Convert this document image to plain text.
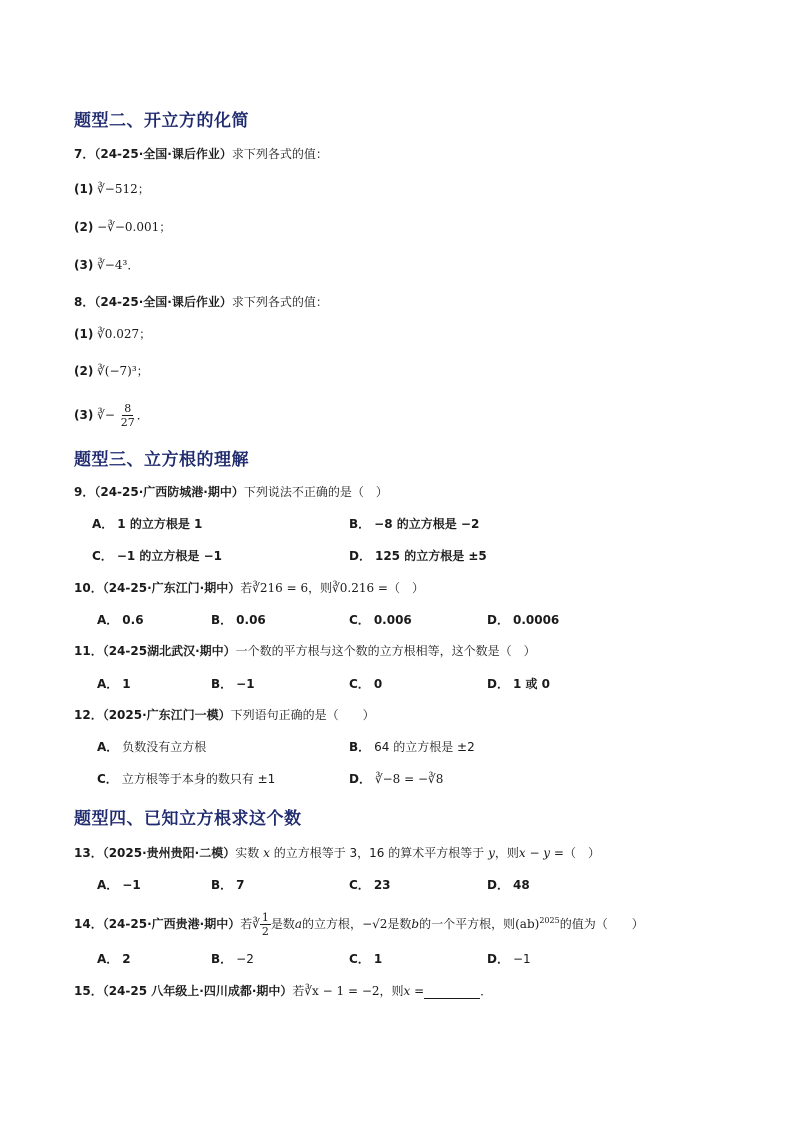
题型二、开立方的化简
7．（24-25·全国·课后作业）求下列各式的值：
(1) ∛−512；
(2) −∛−0.001；
(3) ∛−4³．
8．（24-25·全国·课后作业）求下列各式的值：
(1) ∛0.027；
(2) ∛(−7)³；
(3) ∛− $\frac{8}{27}$ ．
题型三、立方根的理解
9．（24-25·广西防城港·期中）下列说法不正确的是（　）
A． 1 的立方根是 1	B． −8 的立方根是 −2
C． −1 的立方根是 −1	D． 125 的立方根是 ±5
10．（24-25·广东江门·期中）若∛216 = 6，则∛0.216 =（　）
A． 0.6	B． 0.06	C． 0.006	D． 0.0006
11．（24-25湖北武汉·期中）一个数的平方根与这个数的立方根相等，这个数是（　）
A． 1	B． −1	C． 0	D． 1 或 0
12．（2025·广东江门一模）下列语句正确的是（　　）
A． 负数没有立方根	B． 64 的立方根是 ±2
C． 立方根等于本身的数只有 ±1	D． ∛−8 = −∛8
题型四、已知立方根求这个数
13．（2025·贵州贵阳·二模）实数 x 的立方根等于 3，16 的算术平方根等于 y，则x − y =（　）
A． −1	B． 7	C． 23	D． 48
14．（24-25·广西贵港·期中）若∛ $\frac{1}{2}$ 是数a的立方根，−√2是数b的一个平方根，则(ab)$^{2025}$的值为（　　）
A． 2	B． −2	C． 1	D． −1
15．（24-25 八年级上·四川成都·期中）若∛x − 1 = −2，则x =	．
